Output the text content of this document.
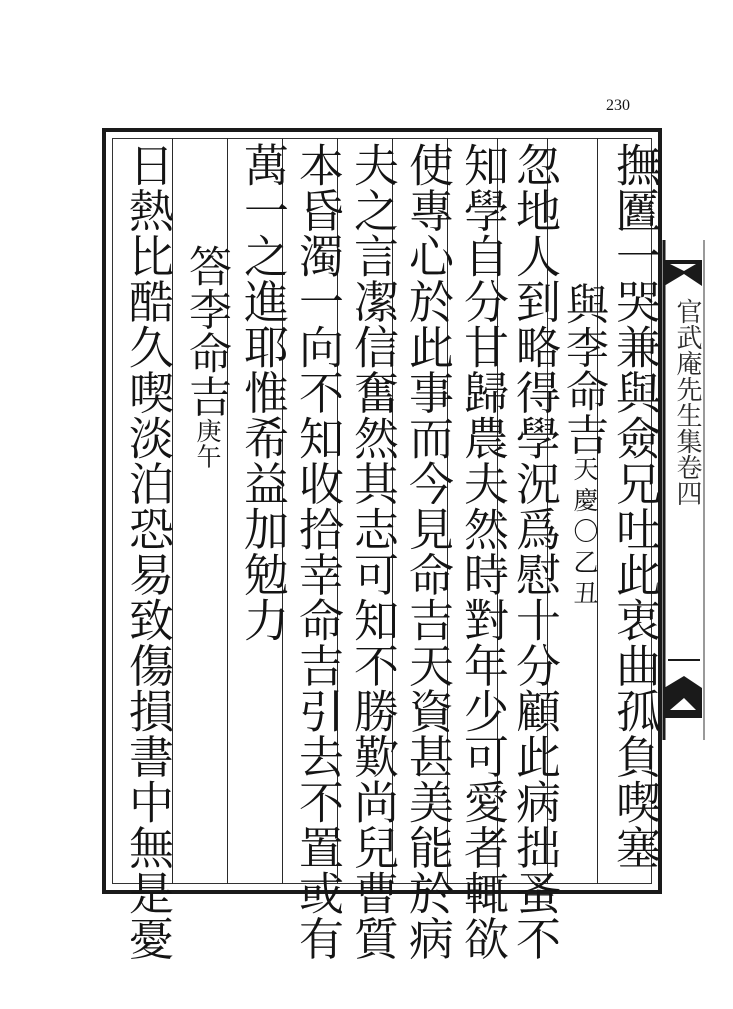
230
撫匶一哭兼與僉兄吐此衷曲孤負喫塞
與李命吉天慶〇乙丑
忽地人到略得學況爲慰十分顧此病拙蚤不
知學自分甘歸農夫然時對年少可愛者輒欲
使專心於此事而今見命吉天資甚美能於病
夫之言㓗信奮然其志可知不勝歎尚兒曹質
本昏濁一向不知收拾幸命吉引去不置或有
萬一之進耶惟希益加勉力
答李命吉庚午
日熱比酷久喫淡泊恐易致傷損書中無是憂	官武庵先生集卷四
